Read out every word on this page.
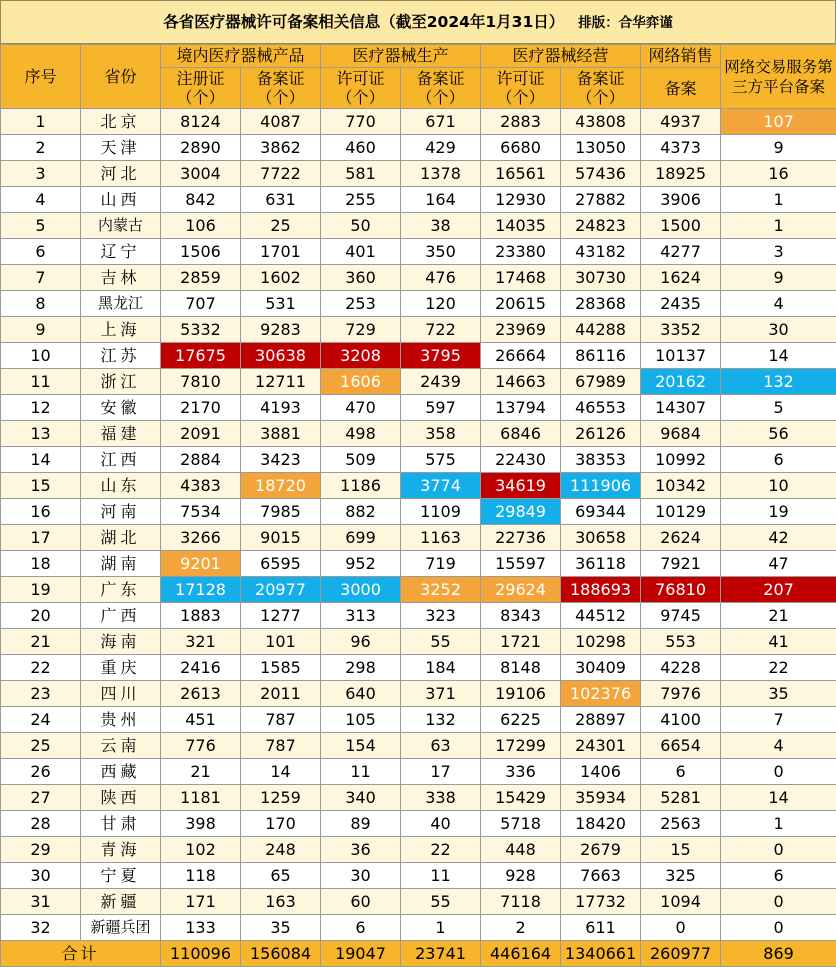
各省医疗器械许可备案相关信息（截至2024年1月31日） 排版：合华弈谨
序号	省份	境内医疗器械产品		医疗器械生产		医疗器械经营		网络销售	网络交易服务第三方平台备案
		注册证（个）	备案证（个）	许可证（个）	备案证（个）	许可证（个）	备案证（个）	备案	
1	北京	8124	4087	770	671	2883	43808	4937	107
2	天津	2890	3862	460	429	6680	13050	4373	9
3	河北	3004	7722	581	1378	16561	57436	18925	16
4	山西	842	631	255	164	12930	27882	3906	1
5	内蒙古	106	25	50	38	14035	24823	1500	1
6	辽宁	1506	1701	401	350	23380	43182	4277	3
7	吉林	2859	1602	360	476	17468	30730	1624	9
8	黑龙江	707	531	253	120	20615	28368	2435	4
9	上海	5332	9283	729	722	23969	44288	3352	30
10	江苏	17675	30638	3208	3795	26664	86116	10137	14
11	浙江	7810	12711	1606	2439	14663	67989	20162	132
12	安徽	2170	4193	470	597	13794	46553	14307	5
13	福建	2091	3881	498	358	6846	26126	9684	56
14	江西	2884	3423	509	575	22430	38353	10992	6
15	山东	4383	18720	1186	3774	34619	111906	10342	10
16	河南	7534	7985	882	1109	29849	69344	10129	19
17	湖北	3266	9015	699	1163	22736	30658	2624	42
18	湖南	9201	6595	952	719	15597	36118	7921	47
19	广东	17128	20977	3000	3252	29624	188693	76810	207
20	广西	1883	1277	313	323	8343	44512	9745	21
21	海南	321	101	96	55	1721	10298	553	41
22	重庆	2416	1585	298	184	8148	30409	4228	22
23	四川	2613	2011	640	371	19106	102376	7976	35
24	贵州	451	787	105	132	6225	28897	4100	7
25	云南	776	787	154	63	17299	24301	6654	4
26	西藏	21	14	11	17	336	1406	6	0
27	陕西	1181	1259	340	338	15429	35934	5281	14
28	甘肃	398	170	89	40	5718	18420	2563	1
29	青海	102	248	36	22	448	2679	15	0
30	宁夏	118	65	30	11	928	7663	325	6
31	新疆	171	163	60	55	7118	17732	1094	0
32	新疆兵团	133	35	6	1	2	611	0	0
合计		110096	156084	19047	23741	446164	1340661	260977	869
